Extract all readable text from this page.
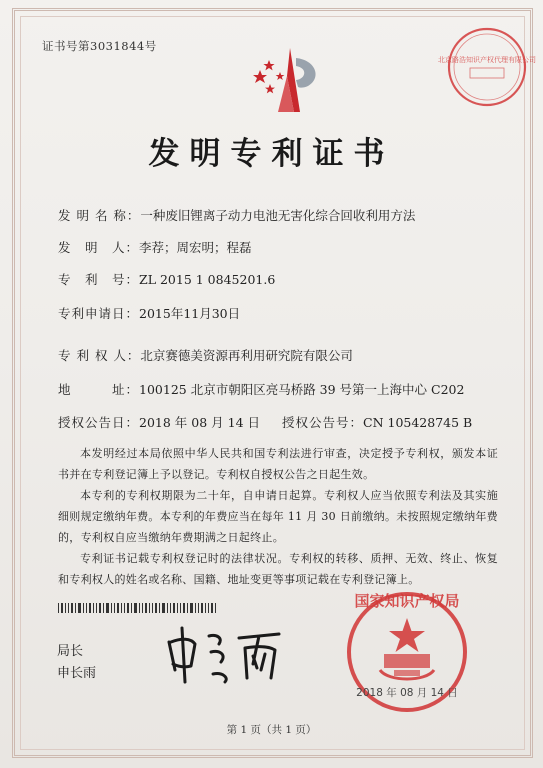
证书号第3031844号
北京路浩知识产权代理有限公司
发明专利证书
发 明 名 称：一种废旧锂离子动力电池无害化综合回收利用方法
发　明　人：李荐；周宏明；程磊
专　利　号：ZL 2015 1 0845201.6
专利申请日：2015年11月30日
专 利 权 人：北京赛德美资源再利用研究院有限公司
地　　　址：100125 北京市朝阳区亮马桥路 39 号第一上海中心 C202
授权公告日：2018 年 08 月 14 日 授权公告号：CN 105428745 B
本发明经过本局依照中华人民共和国专利法进行审查，决定授予专利权，颁发本证书并在专利登记簿上予以登记。专利权自授权公告之日起生效。
本专利的专利权期限为二十年，自申请日起算。专利权人应当依照专利法及其实施细则规定缴纳年费。本专利的年费应当在每年 11 月 30 日前缴纳。未按照规定缴纳年费的，专利权自应当缴纳年费期满之日起终止。
专利证书记载专利权登记时的法律状况。专利权的转移、质押、无效、终止、恢复和专利权人的姓名或名称、国籍、地址变更等事项记载在专利登记簿上。
局长
申长雨
国家知识产权局
2018 年 08 月 14 日
第 1 页（共 1 页）
